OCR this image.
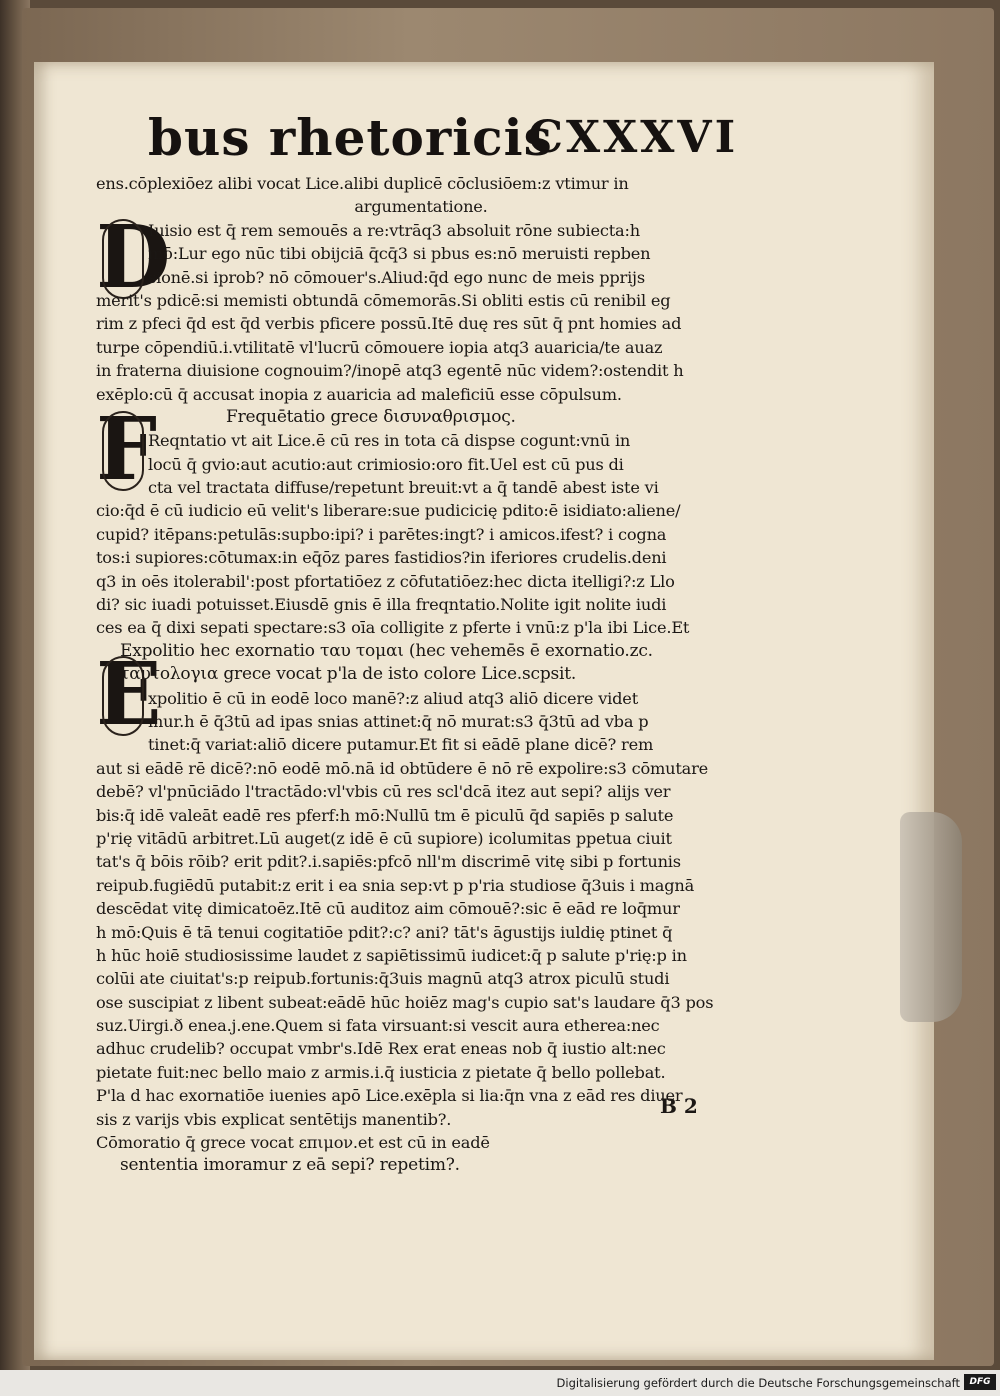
bus rhetoricis
CXXXVI
D
F
E
ens.cōplexiōez alibi vocat Lice.alibi duplicē cōclusiōem:z vtimur in
argumentatione.
Iuisio est q̄ rem semouēs a re:vtrāq3 absoluit rōne subiecta:h
mō:Lur ego nūc tibi obijciā q̄cq̄3 si pbus es:nō meruisti repben
sionē.si iprob? nō cōmouer's.Aliud:q̄d ego nunc de meis pprijs
merit's pdicē:si memisti obtundā cōmemorās.Si obliti estis cū renibil eg
rim z pfeci q̄d est q̄d verbis pficere possū.Itē duę res sūt q̄ pnt homies ad
turpe cōpendiū.i.vtilitatē vl'lucrū cōmouere iopia atq3 auaricia/te auaz
in fraterna diuisione cognouim?/inopē atq3 egentē nūc videm?:ostendit h
exēplo:cū q̄ accusat inopia z auaricia ad maleficiū esse cōpulsum.
Frequētatio grece δισυναθρισμος.
Reqntatio vt ait Lice.ē cū res in tota cā dispse cogunt:vnū in
locū q̄ gvio:aut acutio:aut crimiosio:oro fit.Uel est cū pus di
cta vel tractata diffuse/repetunt breuit:vt a q̄ tandē abest iste vi
cio:q̄d ē cū iudicio eū velit's liberare:sue pudicicię pdito:ē isidiato:aliene/
cupid? itēpans:petulās:supbo:ipi? i parētes:ingt? i amicos.ifest? i cogna
tos:i supiores:cōtumax:in eq̄ōz pares fastidios?in iferiores crudelis.deni
q3 in oēs itolerabil':post pfortatiōez z cōfutatiōez:hec dicta itelligi?:z Llo
di? sic iuadi potuisset.Eiusdē gnis ē illa freqntatio.Nolite igit nolite iudi
ces ea q̄ dixi sepati spectare:s3 oīa colligite z pferte i vnū:z p'la ibi Lice.Et
Expolitio hec exornatio ταυ τομαι (hec vehemēs ē exornatio.zc.
ταυτολογια grece vocat p'la de isto colore Lice.scpsit.
xpolitio ē cū in eodē loco manē?:z aliud atq3 aliō dicere videt
mur.h ē q̄3tū ad ipas snias attinet:q̄ nō murat:s3 q̄3tū ad vba p
tinet:q̄ variat:aliō dicere putamur.Et fit si eādē plane dicē? rem
aut si eādē rē dicē?:nō eodē mō.nā id obtūdere ē nō rē expolire:s3 cōmutare
debē? vl'pnūciādo l'tractādo:vl'vbis cū res scl'dcā itez aut sepi? alijs ver
bis:q̄ idē valeāt eadē res pferf:h mō:Nullū tm ē piculū q̄d sapiēs p salute
p'rię vitādū arbitret.Lū auget(z idē ē cū supiore) icolumitas ppetua ciuit
tat's q̄ bōis rōib? erit pdit?.i.sapiēs:pfcō nll'm discrimē vitę sibi p fortunis
reipub.fugiēdū putabit:z erit i ea snia sep:vt p p'ria studiose q̄3uis i magnā
descēdat vitę dimicatoēz.Itē cū auditoz aim cōmouē?:sic ē eād re loq̄mur
h mō:Quis ē tā tenui cogitatiōe pdit?:c? ani? tāt's āgustijs iuldię ptinet q̄
h hūc hoiē studiosissime laudet z sapiētissimū iudicet:q̄ p salute p'rię:p in
colūi ate ciuitat's:p reipub.fortunis:q̄3uis magnū atq3 atrox piculū studi
ose suscipiat z libent subeat:eādē hūc hoiēz mag's cupio sat's laudare q̄3 pos
suz.Uirgi.ð enea.j.ene.Quem si fata virsuant:si vescit aura etherea:nec
adhuc crudelib? occupat vmbr's.Idē Rex erat eneas nob q̄ iustio alt:nec
pietate fuit:nec bello maio z armis.i.q̄ iusticia z pietate q̄ bello pollebat.
P'la d hac exornatiōe iuenies apō Lice.exēpla si lia:q̄n vna z eād res diuer
sis z varijs vbis explicat sentētijs manentib?.
Cōmoratio q̄ grece vocat επιμον.et est cū in eadē
sententia imoramur z eā sepi? repetim?.
B 2
Digitalisierung gefördert durch die Deutsche Forschungsgemeinschaft	DFG
